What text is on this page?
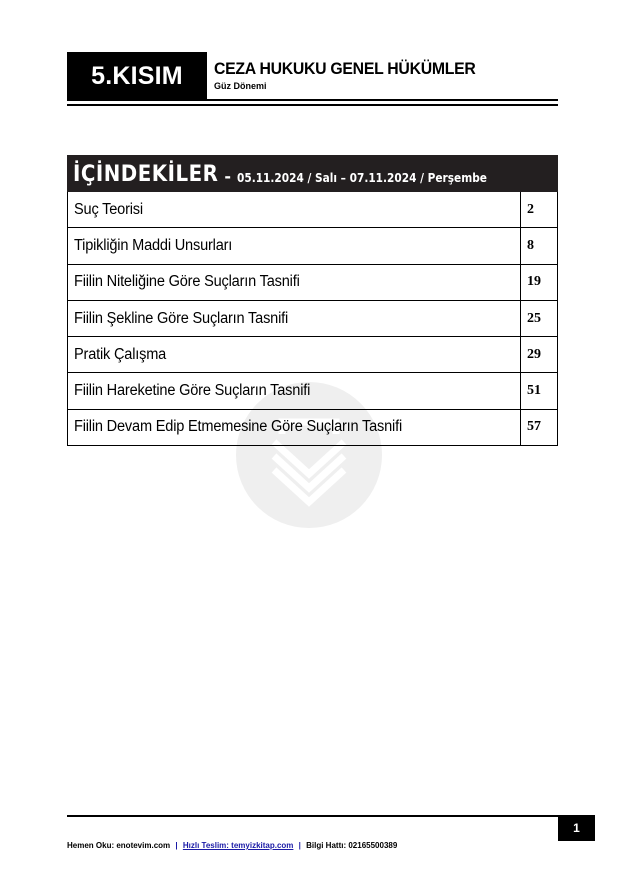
5.KISIM	CEZA HUKUKU GENEL HÜKÜMLER
Güz Dönemi
İÇİNDEKİLER - 05.11.2024 / Salı – 07.11.2024 / Perşembe
Suç Teorisi	2
Tipikliğin Maddi Unsurları	8
Fiilin Niteliğine Göre Suçların Tasnifi	19
Fiilin Şekline Göre Suçların Tasnifi	25
Pratik Çalışma	29
Fiilin Hareketine Göre Suçların Tasnifi	51
Fiilin Devam Edip Etmemesine Göre Suçların Tasnifi	57
1
Hemen Oku: enotevim.com | Hızlı Teslim: temyizkitap.com | Bilgi Hattı: 02165500389
